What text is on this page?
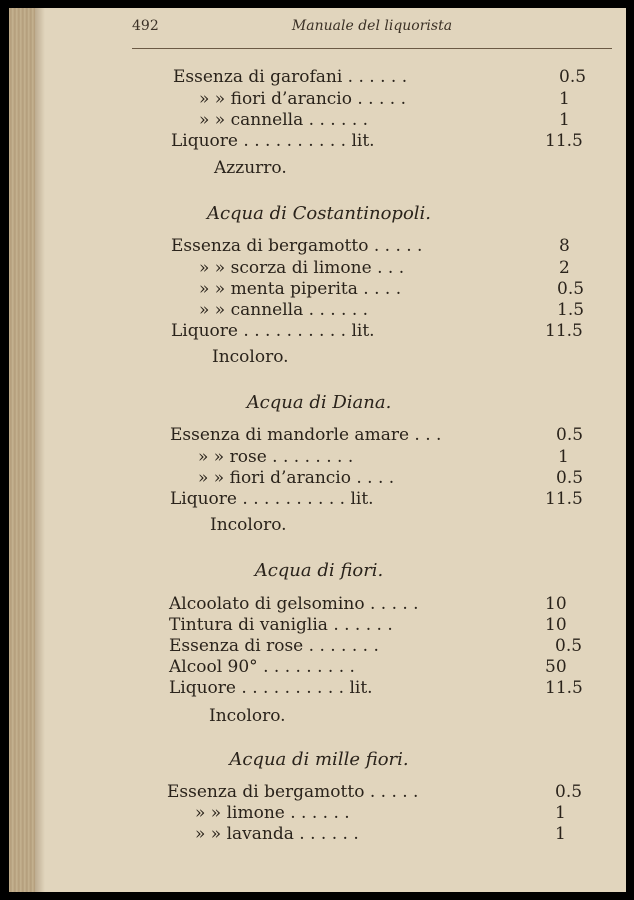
492	Manuale del liquorista
Essenza di garofani . . . . . .	0.5
» » fiori d’arancio . . . . .	1
» » cannella . . . . . .	1
Liquore . . . . . . . . . . lit.	11.5
Azzurro.
Acqua di Costantinopoli.
Essenza di bergamotto . . . . .	8
» » scorza di limone . . .	2
» » menta piperita . . . .	0.5
» » cannella . . . . . .	1.5
Liquore . . . . . . . . . . lit.	11.5
Incoloro.
Acqua di Diana.
Essenza di mandorle amare . . .	0.5
» » rose . . . . . . . .	1
» » fiori d’arancio . . . .	0.5
Liquore . . . . . . . . . . lit.	11.5
Incoloro.
Acqua di fiori.
Alcoolato di gelsomino . . . . .	10
Tintura di vaniglia . . . . . .	10
Essenza di rose . . . . . . .	0.5
Alcool 90° . . . . . . . . .	50
Liquore . . . . . . . . . . lit.	11.5
Incoloro.
Acqua di mille fiori.
Essenza di bergamotto . . . . .	0.5
» » limone . . . . . .	1
» » lavanda . . . . . .	1
